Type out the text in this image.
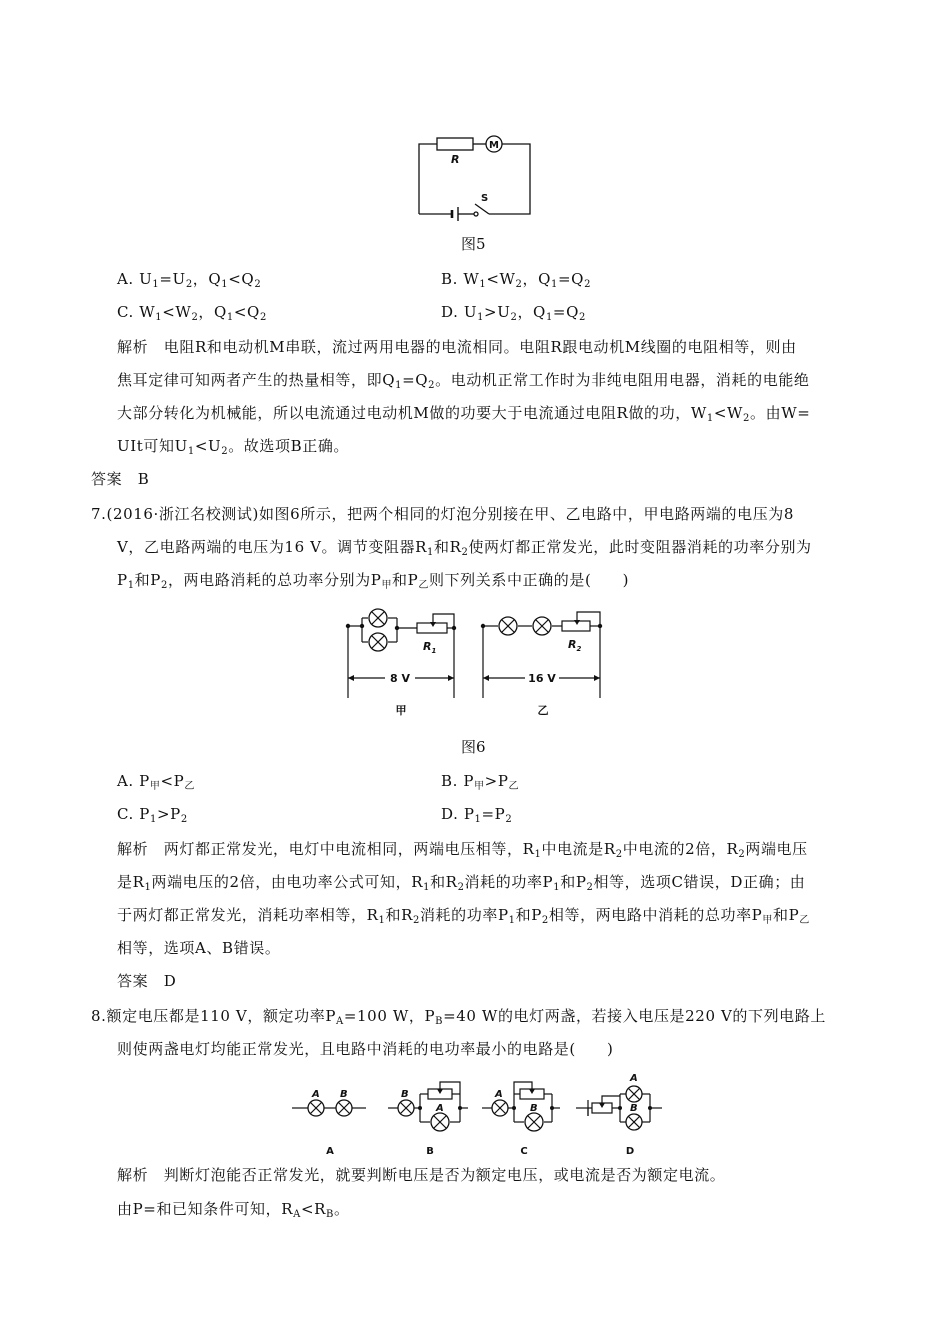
R
M
S
图5
A. $U_1=U_2$，$Q_1<Q_2$	B. $W_1<W_2$，$Q_1=Q_2$
C. $W_1<W_2$，$Q_1<Q_2$	D. $U_1>U_2$，$Q_1=Q_2$
解析　电阻R和电动机M串联，流过两用电器的电流相同。电阻R跟电动机M线圈的电阻相等，则由
焦耳定律可知两者产生的热量相等，即$Q_1=Q_2$。电动机正常工作时为非纯电阻用电器，消耗的电能绝
大部分转化为机械能，所以电流通过电动机M做的功要大于电流通过电阻R做的功，$W_1<W_2$。由W=
UIt可知$U_1<U_2$。故选项B正确。
答案　B
7.(2016·浙江名校测试)如图6所示，把两个相同的灯泡分别接在甲、乙电路中，甲电路两端的电压为8
V，乙电路两端的电压为16 V。调节变阻器$R_1$和$R_2$使两灯都正常发光，此时变阻器消耗的功率分别为
$P_1$和$P_2$，两电路消耗的总功率分别为$P_甲$和$P_乙$则下列关系中正确的是(　　)
$R_1$	$R_2$
8 V	16 V
甲	乙
图6
A. $P_甲<P_乙$	B. $P_甲>P_乙$
C. $P_1>P_2$	D. $P_1=P_2$
解析　两灯都正常发光，电灯中电流相同，两端电压相等，$R_1$中电流是$R_2$中电流的2倍，$R_2$两端电压
是$R_1$两端电压的2倍，由电功率公式可知，$R_1$和$R_2$消耗的功率$P_1$和$P_2$相等，选项C错误，D正确；由
于两灯都正常发光，消耗功率相等，$R_1$和$R_2$消耗的功率$P_1$和$P_2$相等，两电路中消耗的总功率$P_甲$和$P_乙$
相等，选项A、B错误。
答案　D
8.额定电压都是110 V，额定功率$P_A=100$ W，$P_B=40$ W的电灯两盏，若接入电压是220 V的下列电路上
则使两盏电灯均能正常发光，且电路中消耗的电功率最小的电路是(　　)
A B	B
A
A
B
A
B
A	B	C	D
解析　判断灯泡能否正常发光，就要判断电压是否为额定电压，或电流是否为额定电流。
由P=和已知条件可知，$R_A<R_B$。
